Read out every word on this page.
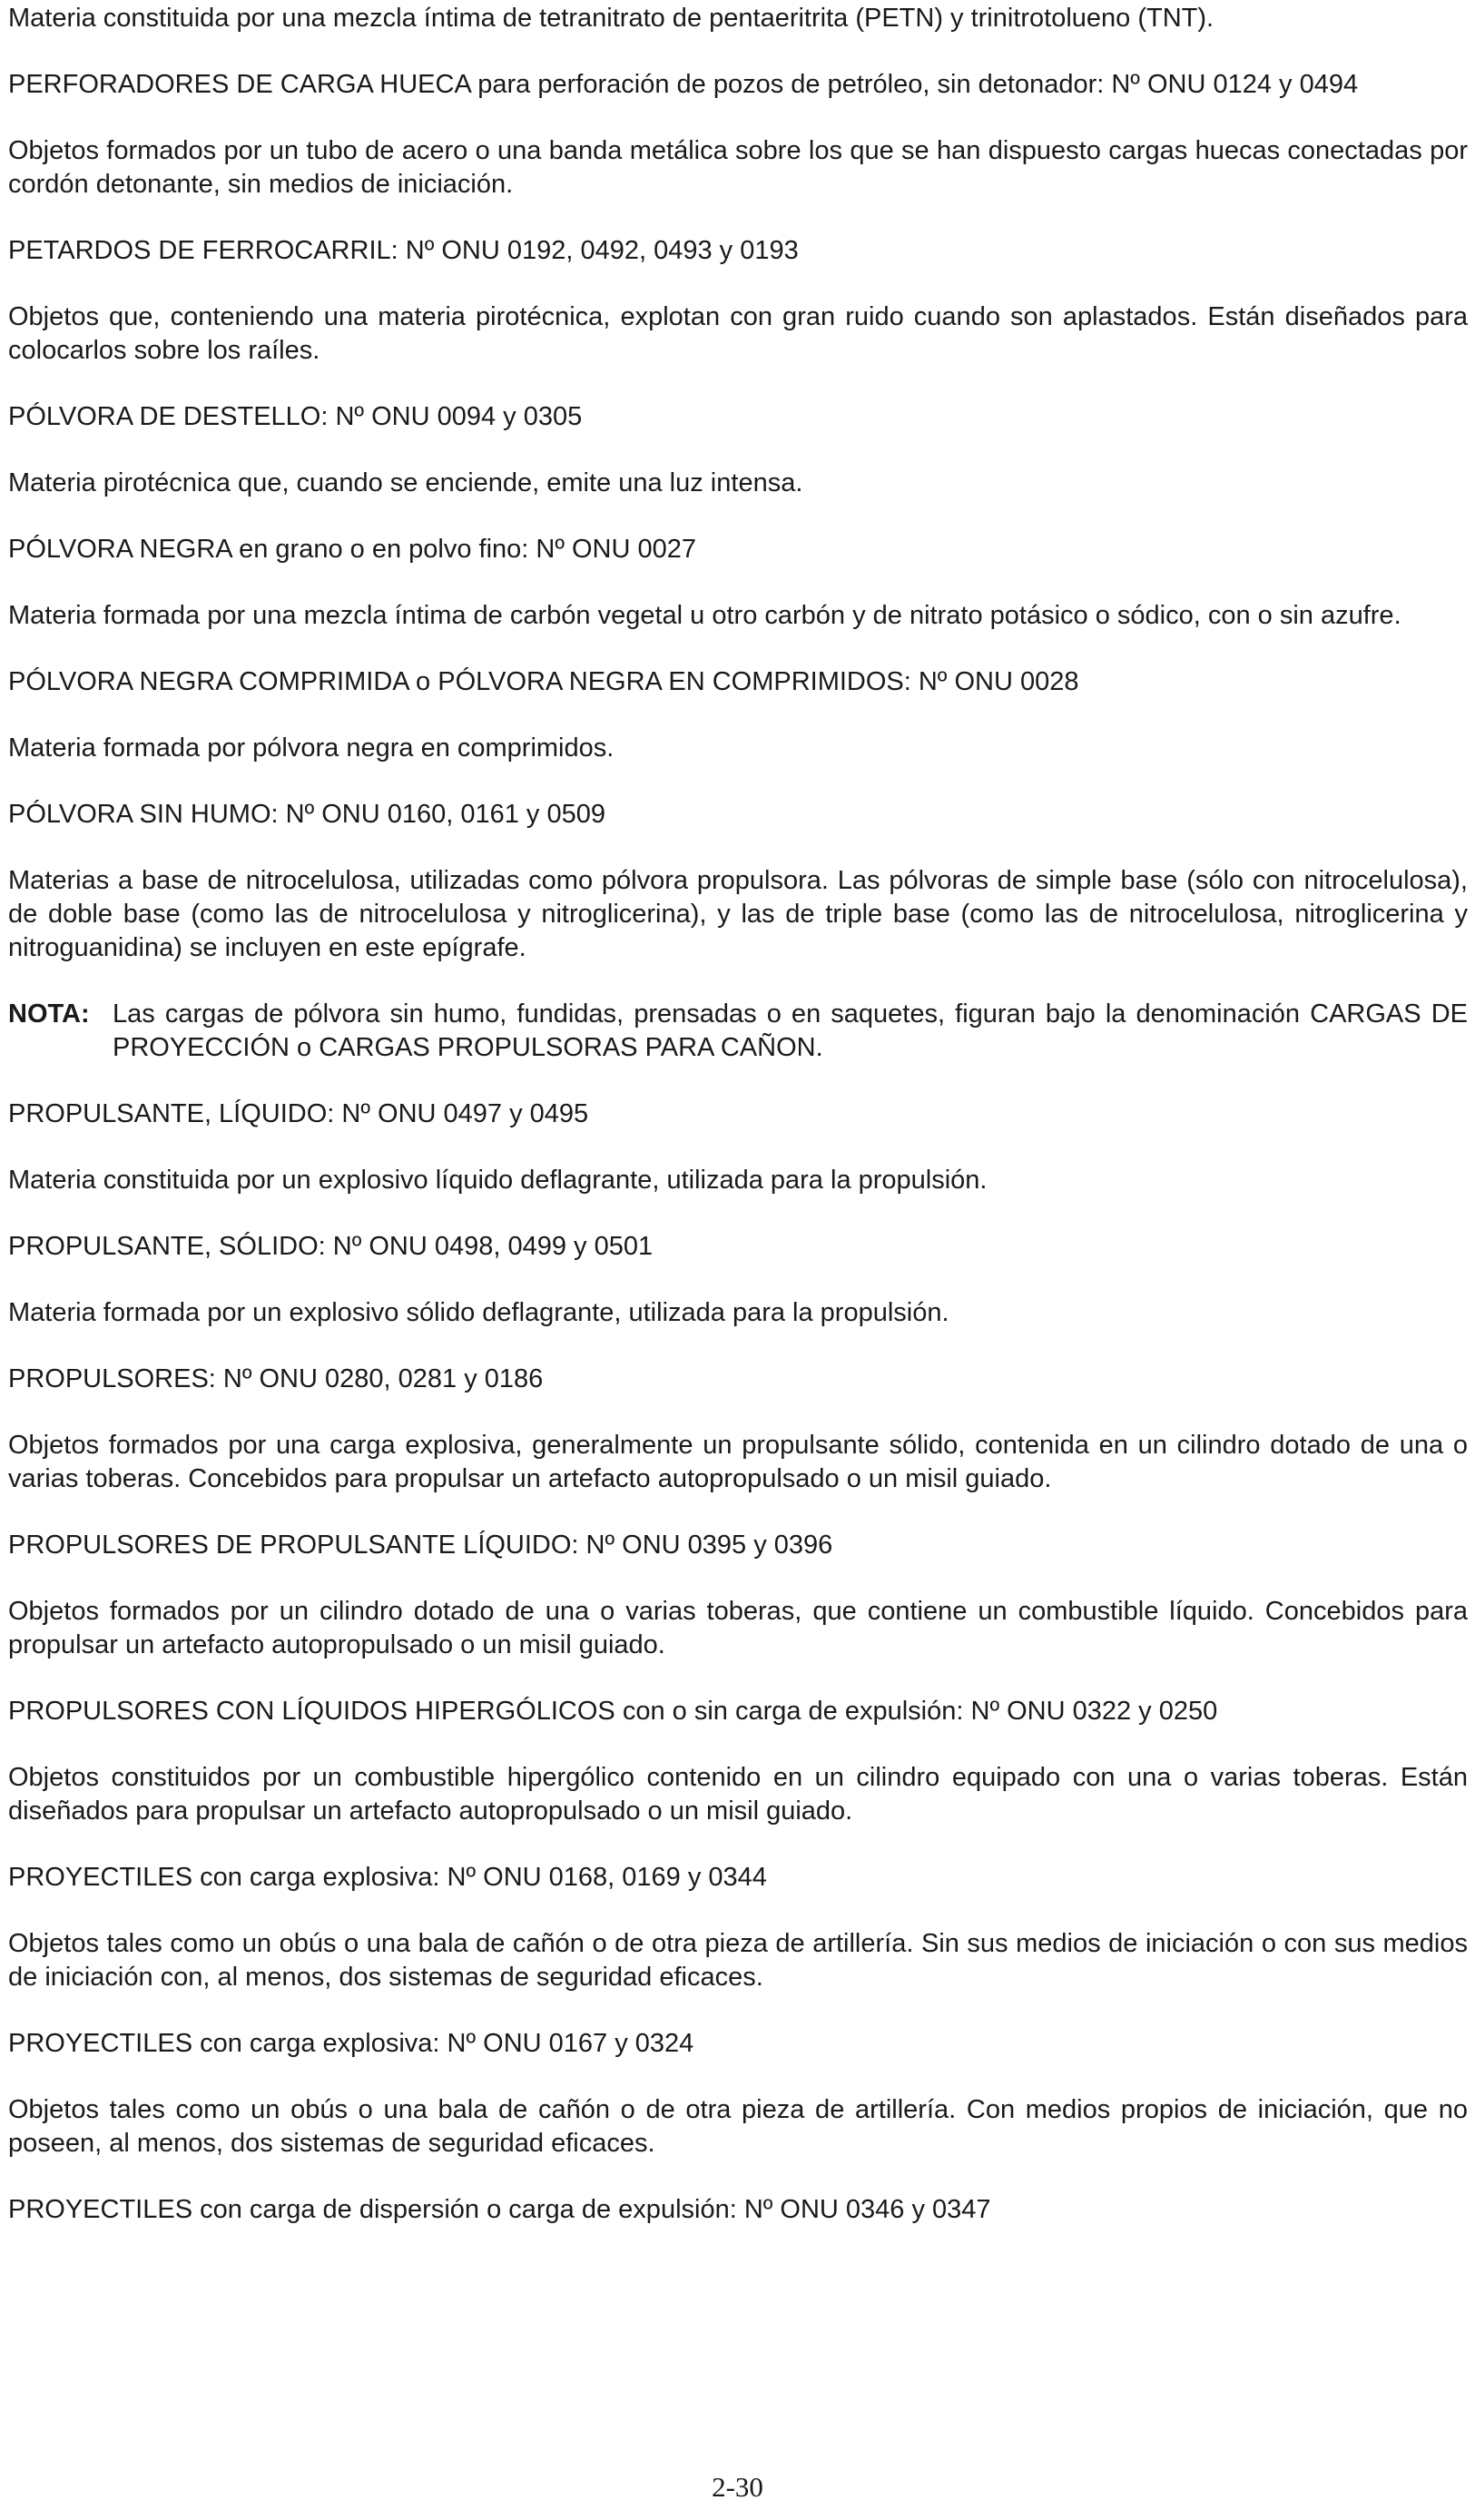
Materia constituida por una mezcla íntima de tetranitrato de pentaeritrita (PETN) y trinitrotolueno (TNT).

PERFORADORES DE CARGA HUECA para perforación de pozos de petróleo, sin detonador: Nº ONU 0124 y 0494

Objetos formados por un tubo de acero o una banda metálica sobre los que se han dispuesto cargas huecas conectadas por cordón detonante, sin medios de iniciación.

PETARDOS DE FERROCARRIL: Nº ONU 0192, 0492, 0493 y 0193

Objetos que, conteniendo una materia pirotécnica, explotan con gran ruido cuando son aplastados. Están diseñados para colocarlos sobre los raíles.

PÓLVORA DE DESTELLO: Nº ONU 0094 y 0305

Materia pirotécnica que, cuando se enciende, emite una luz intensa.

PÓLVORA NEGRA en grano o en polvo fino: Nº ONU 0027

Materia formada por una mezcla íntima de carbón vegetal u otro carbón y de nitrato potásico o sódico, con o sin azufre.

PÓLVORA NEGRA COMPRIMIDA o PÓLVORA NEGRA EN COMPRIMIDOS: Nº ONU 0028

Materia formada por pólvora negra en comprimidos.

PÓLVORA SIN HUMO: Nº ONU 0160, 0161 y 0509

Materias a base de nitrocelulosa, utilizadas como pólvora propulsora. Las pólvoras de simple base (sólo con nitrocelulosa), de doble base (como las de nitrocelulosa y nitroglicerina), y las de triple base (como las de nitrocelulosa, nitroglicerina y nitroguanidina) se incluyen en este epígrafe.

NOTA: Las cargas de pólvora sin humo, fundidas, prensadas o en saquetes, figuran bajo la denominación CARGAS DE PROYECCIÓN o CARGAS PROPULSORAS PARA CAÑON.

PROPULSANTE, LÍQUIDO: Nº ONU 0497 y 0495

Materia constituida por un explosivo líquido deflagrante, utilizada para la propulsión.

PROPULSANTE, SÓLIDO: Nº ONU 0498, 0499 y 0501

Materia formada por un explosivo sólido deflagrante, utilizada para la propulsión.

PROPULSORES: Nº ONU 0280, 0281 y 0186

Objetos formados por una carga explosiva, generalmente un propulsante sólido, contenida en un cilindro dotado de una o varias toberas. Concebidos para propulsar un artefacto autopropulsado o un misil guiado.

PROPULSORES DE PROPULSANTE LÍQUIDO: Nº ONU 0395 y 0396

Objetos formados por un cilindro dotado de una o varias toberas, que contiene un combustible líquido. Concebidos para propulsar un artefacto autopropulsado o un misil guiado.

PROPULSORES CON LÍQUIDOS HIPERGÓLICOS con o sin carga de expulsión: Nº ONU 0322 y 0250

Objetos constituidos por un combustible hipergólico contenido en un cilindro equipado con una o varias toberas. Están diseñados para propulsar un artefacto autopropulsado o un misil guiado.

PROYECTILES con carga explosiva: Nº ONU 0168, 0169 y 0344

Objetos tales como un obús o una bala de cañón o de otra pieza de artillería. Sin sus medios de iniciación o con sus medios de iniciación con, al menos, dos sistemas de seguridad eficaces.

PROYECTILES con carga explosiva: Nº ONU 0167 y 0324

Objetos tales como un obús o una bala de cañón o de otra pieza de artillería. Con medios propios de iniciación, que no poseen, al menos, dos sistemas de seguridad eficaces.

PROYECTILES con carga de dispersión o carga de expulsión: Nº ONU 0346 y 0347

2-30
